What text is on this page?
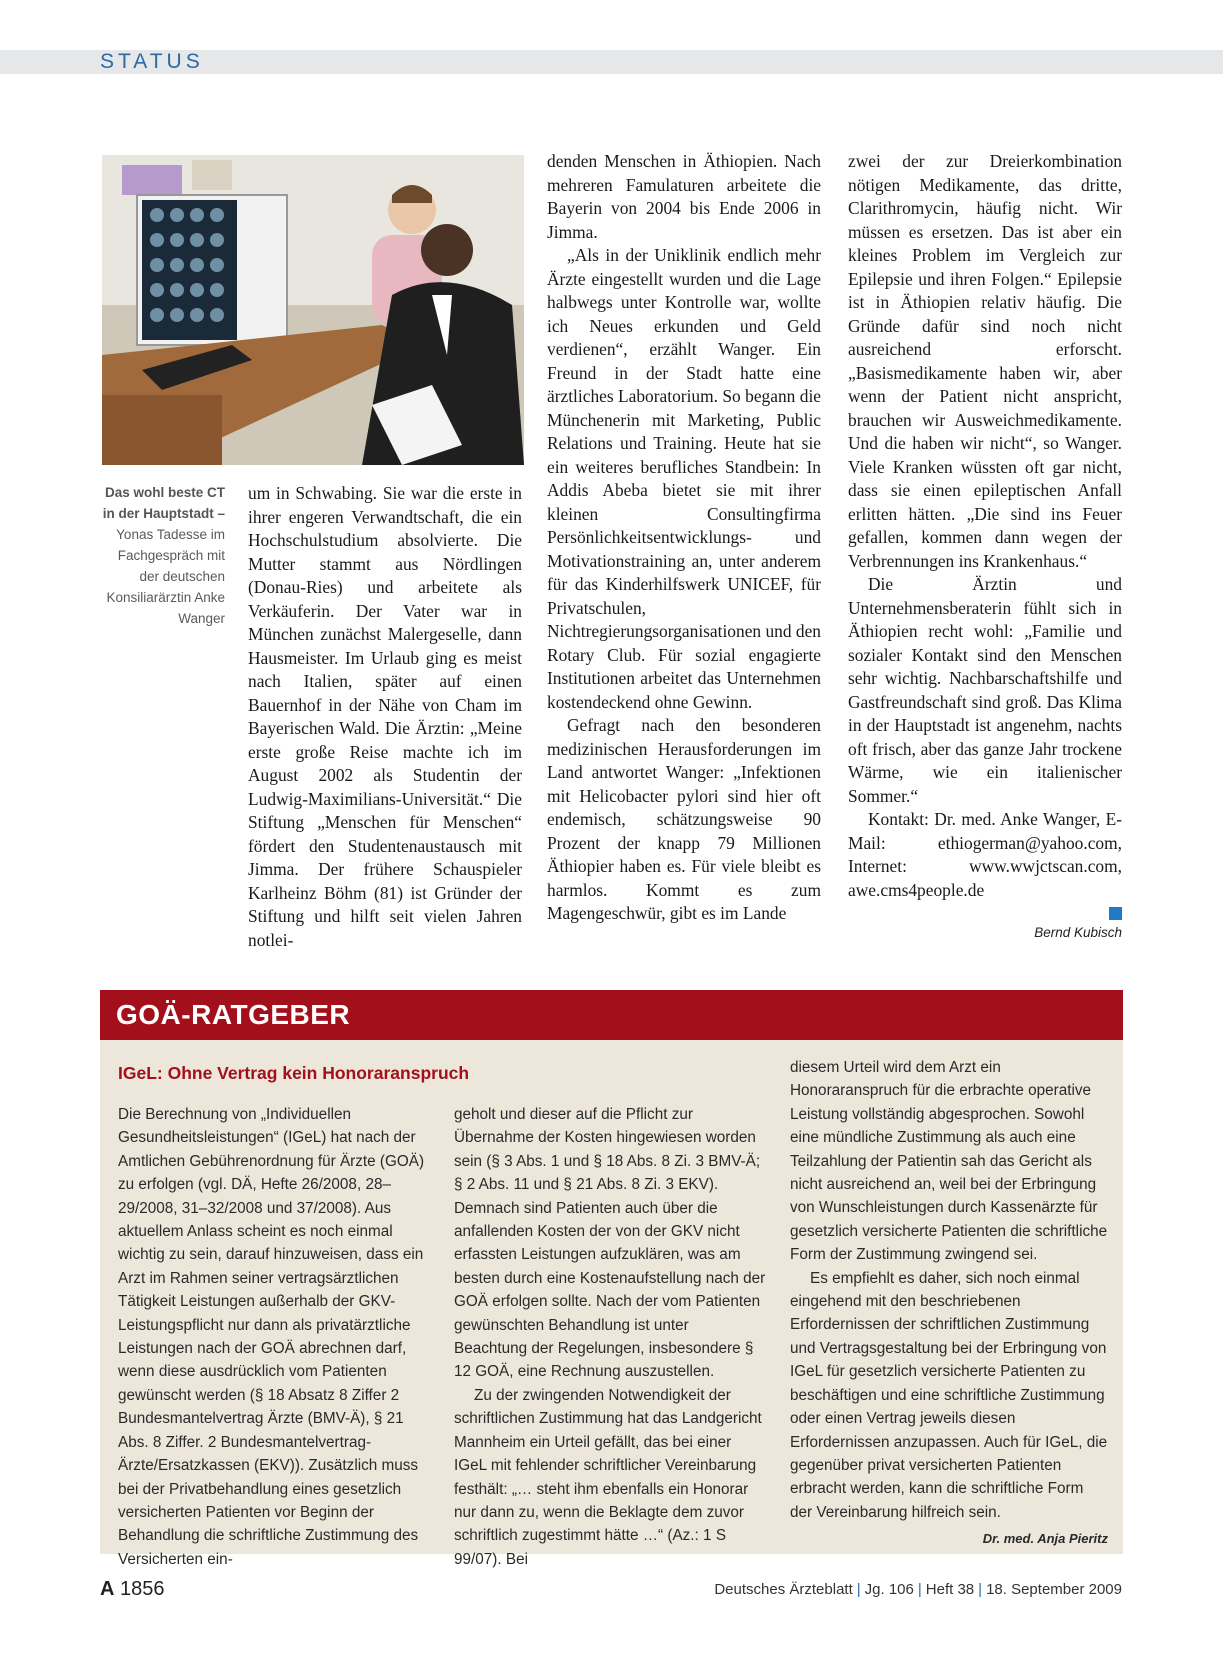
STATUS
Das wohl beste CT in der Hauptstadt – Yonas Tadesse im Fachgespräch mit der deutschen Konsiliarärztin Anke Wanger

um in Schwabing. Sie war die erste in ihrer engeren Verwandtschaft, die ein Hochschulstudium absolvierte. Die Mutter stammt aus Nördlingen (Donau-Ries) und arbeitete als Verkäuferin. Der Vater war in München zunächst Malergeselle, dann Hausmeister. Im Urlaub ging es meist nach Italien, später auf einen Bauernhof in der Nähe von Cham im Bayerischen Wald. Die Ärztin: „Meine erste große Reise machte ich im August 2002 als Studentin der Ludwig-Maximilians-Universität.“ Die Stiftung „Menschen für Menschen“ fördert den Studentenaustausch mit Jimma. Der frühere Schauspieler Karlheinz Böhm (81) ist Gründer der Stiftung und hilft seit vielen Jahren notlei-

denden Menschen in Äthiopien. Nach mehreren Famulaturen arbeitete die Bayerin von 2004 bis Ende 2006 in Jimma.

„Als in der Uniklinik endlich mehr Ärzte eingestellt wurden und die Lage halbwegs unter Kontrolle war, wollte ich Neues erkunden und Geld verdienen“, erzählt Wanger. Ein Freund in der Stadt hatte eine ärztliches Laboratorium. So begann die Münchenerin mit Marketing, Public Relations und Training. Heute hat sie ein weiteres berufliches Standbein: In Addis Abeba bietet sie mit ihrer kleinen Consultingfirma Persönlichkeitsentwicklungs- und Motivationstraining an, unter anderem für das Kinderhilfswerk UNICEF, für Privatschulen, Nichtregierungsorganisationen und den Rotary Club. Für sozial engagierte Institutionen arbeitet das Unternehmen kostendeckend ohne Gewinn.

Gefragt nach den besonderen medizinischen Herausforderungen im Land antwortet Wanger: „Infektionen mit Helicobacter pylori sind hier oft endemisch, schätzungsweise 90 Prozent der knapp 79 Millionen Äthiopier haben es. Für viele bleibt es harmlos. Kommt es zum Magengeschwür, gibt es im Lande

zwei der zur Dreierkombination nötigen Medikamente, das dritte, Clarithromycin, häufig nicht. Wir müssen es ersetzen. Das ist aber ein kleines Problem im Vergleich zur Epilepsie und ihren Folgen.“ Epilepsie ist in Äthiopien relativ häufig. Die Gründe dafür sind noch nicht ausreichend erforscht. „Basismedikamente haben wir, aber wenn der Patient nicht anspricht, brauchen wir Ausweichmedikamente. Und die haben wir nicht“, so Wanger. Viele Kranken wüssten oft gar nicht, dass sie einen epileptischen Anfall erlitten hätten. „Die sind ins Feuer gefallen, kommen dann wegen der Verbrennungen ins Krankenhaus.“

Die Ärztin und Unternehmensberaterin fühlt sich in Äthiopien recht wohl: „Familie und sozialer Kontakt sind den Menschen sehr wichtig. Nachbarschaftshilfe und Gastfreundschaft sind groß. Das Klima in der Hauptstadt ist angenehm, nachts oft frisch, aber das ganze Jahr trockene Wärme, wie ein italienischer Sommer.“

Kontakt: Dr. med. Anke Wanger, E-Mail: ethiogerman@yahoo.com, Internet: www.wwjctscan.com, awe.cms4people.de

Bernd Kubisch
GOÄ-RATGEBER
IGeL: Ohne Vertrag kein Honoraranspruch

Die Berechnung von „Individuellen Gesundheitsleistungen“ (IGeL) hat nach der Amtlichen Gebührenordnung für Ärzte (GOÄ) zu erfolgen (vgl. DÄ, Hefte 26/2008, 28–29/2008, 31–32/2008 und 37/2008). Aus aktuellem Anlass scheint es noch einmal wichtig zu sein, darauf hinzuweisen, dass ein Arzt im Rahmen seiner vertragsärztlichen Tätigkeit Leistungen außerhalb der GKV-Leistungspflicht nur dann als privatärztliche Leistungen nach der GOÄ abrechnen darf, wenn diese ausdrücklich vom Patienten gewünscht werden (§ 18 Absatz 8 Ziffer 2 Bundesmantelvertrag Ärzte (BMV-Ä), § 21 Abs. 8 Ziffer. 2 Bundesmantelvertrag-Ärzte/Ersatzkassen (EKV)). Zusätzlich muss bei der Privatbehandlung eines gesetzlich versicherten Patienten vor Beginn der Behandlung die schriftliche Zustimmung des Versicherten ein-

geholt und dieser auf die Pflicht zur Übernahme der Kosten hingewiesen worden sein (§ 3 Abs. 1 und § 18 Abs. 8 Zi. 3 BMV-Ä; § 2 Abs. 11 und § 21 Abs. 8 Zi. 3 EKV). Demnach sind Patienten auch über die anfallenden Kosten der von der GKV nicht erfassten Leistungen aufzuklären, was am besten durch eine Kostenaufstellung nach der GOÄ erfolgen sollte. Nach der vom Patienten gewünschten Behandlung ist unter Beachtung der Regelungen, insbesondere § 12 GOÄ, eine Rechnung auszustellen.

Zu der zwingenden Notwendigkeit der schriftlichen Zustimmung hat das Landgericht Mannheim ein Urteil gefällt, das bei einer IGeL mit fehlender schriftlicher Vereinbarung festhält: „… steht ihm ebenfalls ein Honorar nur dann zu, wenn die Beklagte dem zuvor schriftlich zugestimmt hätte …“ (Az.: 1 S 99/07). Bei

diesem Urteil wird dem Arzt ein Honoraranspruch für die erbrachte operative Leistung vollständig abgesprochen. Sowohl eine mündliche Zustimmung als auch eine Teilzahlung der Patientin sah das Gericht als nicht ausreichend an, weil bei der Erbringung von Wunschleistungen durch Kassenärzte für gesetzlich versicherte Patienten die schriftliche Form der Zustimmung zwingend sei.

Es empfiehlt es daher, sich noch einmal eingehend mit den beschriebenen Erfordernissen der schriftlichen Zustimmung und Vertragsgestaltung bei der Erbringung von IGeL für gesetzlich versicherte Patienten zu beschäftigen und eine schriftliche Zustimmung oder einen Vertrag jeweils diesen Erfordernissen anzupassen. Auch für IGeL, die gegenüber privat versicherten Patienten erbracht werden, kann die schriftliche Form der Vereinbarung hilfreich sein.
Dr. med. Anja Pieritz

A 1856	Deutsches Ärzteblatt | Jg. 106 | Heft 38 | 18. September 2009
